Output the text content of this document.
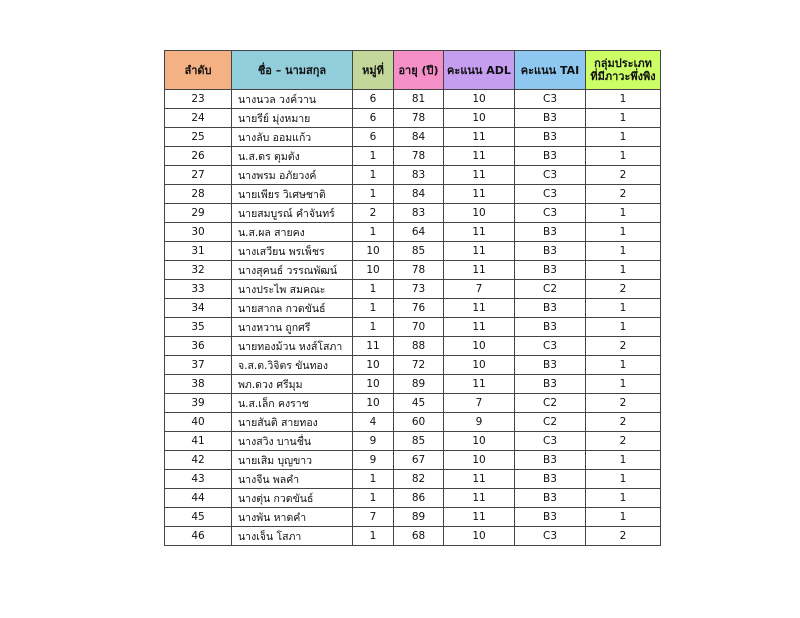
ลำดับ	ชื่อ – นามสกุล	หมู่ที่	อายุ (ปี)	คะแนน ADL	คะแนน TAI	กลุ่มประเภท
ที่มีภาวะพึ่งพิง

23	นางนวล วงค์วาน	6	81	10	C3	1
24	นายรีย์ มุ่งหมาย	6	78	10	B3	1
25	นางลับ ออมแก้ว	6	84	11	B3	1
26	น.ส.ดร ตุมตัง	1	78	11	B3	1
27	นางพรม อภัยวงค์	1	83	11	C3	2
28	นายเพียร วิเศษชาติ	1	84	11	C3	2
29	นายสมบูรณ์ คำจันทร์	2	83	10	C3	1
30	น.ส.ผล สายคง	1	64	11	B3	1
31	นางเสวียน พรเพ็ชร	10	85	11	B3	1
32	นางสุคนธ์ วรรณพัฒน์	10	78	11	B3	1
33	นางประไพ สมคณะ	1	73	7	C2	2
34	นายสากล กวดขันธ์	1	76	11	B3	1
35	นางหวาน ถูกศรี	1	70	11	B3	1
36	นายทองม้วน หงส์โสภา	11	88	10	C3	2
37	จ.ส.ต.วิจิตร ขันทอง	10	72	10	B3	1
38	พภ.ดวง ศรีมุม	10	89	11	B3	1
39	น.ส.เล็ก คงราช	10	45	7	C2	2
40	นายสันติ สายทอง	4	60	9	C2	2
41	นางสวิง บานชื่น	9	85	10	C3	2
42	นายเสิม บุญขาว	9	67	10	B3	1
43	นางจีน พลคำ	1	82	11	B3	1
44	นางตุ่น กวดขันธ์	1	86	11	B3	1
45	นางพัน หาดคำ	7	89	11	B3	1
46	นางเจ็น โสภา	1	68	10	C3	2
